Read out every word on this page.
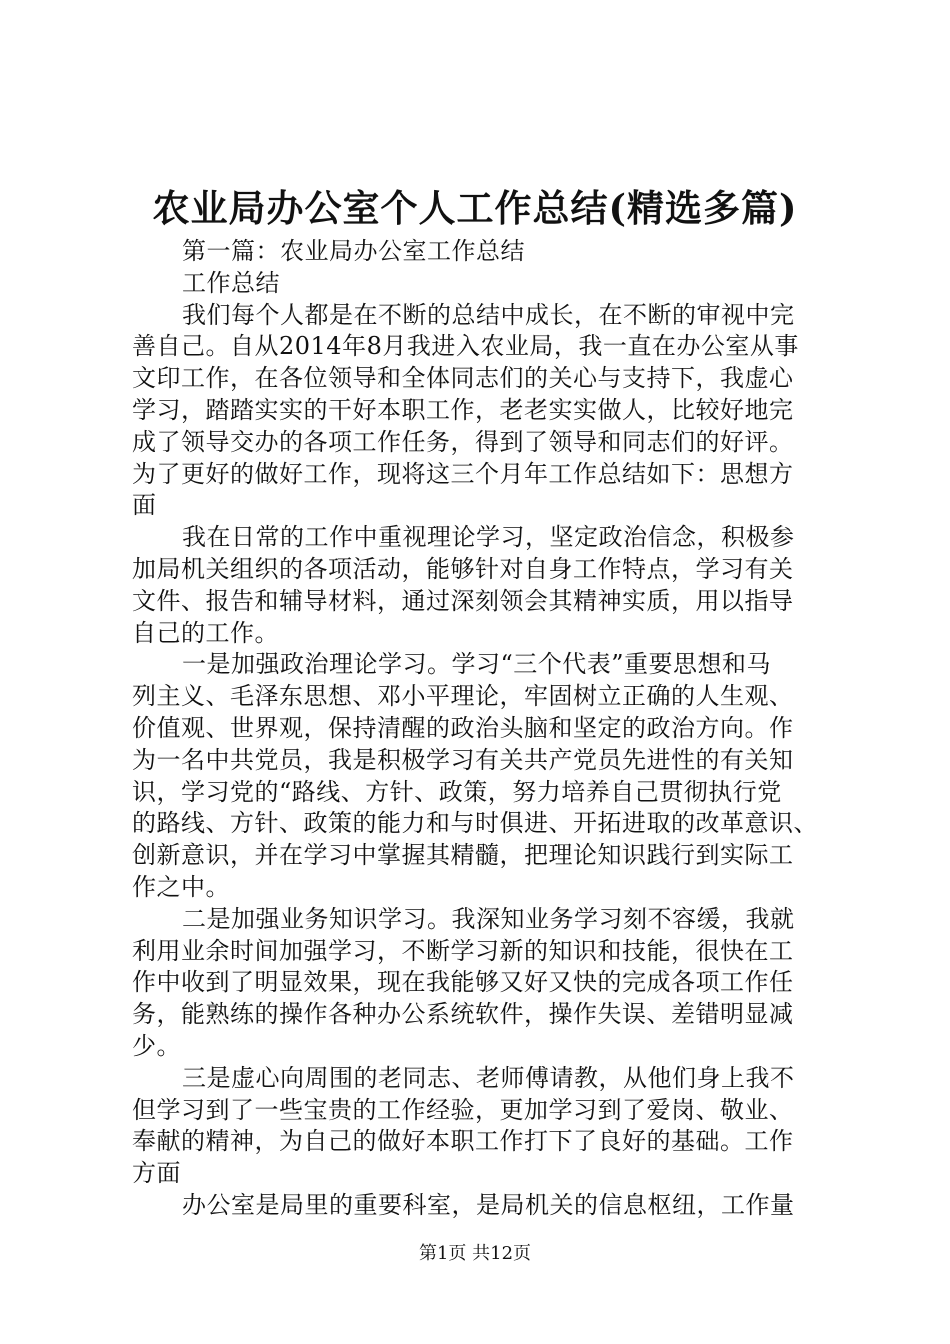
农业局办公室个人工作总结(精选多篇)
第一篇：农业局办公室工作总结
工作总结
我们每个人都是在不断的总结中成长，在不断的审视中完
善自己。自从2014年8月我进入农业局，我一直在办公室从事
文印工作，在各位领导和全体同志们的关心与支持下，我虚心
学习，踏踏实实的干好本职工作，老老实实做人，比较好地完
成了领导交办的各项工作任务，得到了领导和同志们的好评。
为了更好的做好工作，现将这三个月年工作总结如下：思想方
面
我在日常的工作中重视理论学习，坚定政治信念，积极参
加局机关组织的各项活动，能够针对自身工作特点，学习有关
文件、报告和辅导材料，通过深刻领会其精神实质，用以指导
自己的工作。
一是加强政治理论学习。学习“三个代表”重要思想和马
列主义、毛泽东思想、邓小平理论，牢固树立正确的人生观、
价值观、世界观，保持清醒的政治头脑和坚定的政治方向。作
为一名中共党员，我是积极学习有关共产党员先进性的有关知
识，学习党的“路线、方针、政策，努力培养自己贯彻执行党
的路线、方针、政策的能力和与时俱进、开拓进取的改革意识、
创新意识，并在学习中掌握其精髓，把理论知识践行到实际工
作之中。
二是加强业务知识学习。我深知业务学习刻不容缓，我就
利用业余时间加强学习，不断学习新的知识和技能，很快在工
作中收到了明显效果，现在我能够又好又快的完成各项工作任
务，能熟练的操作各种办公系统软件，操作失误、差错明显减
少。
三是虚心向周围的老同志、老师傅请教，从他们身上我不
但学习到了一些宝贵的工作经验，更加学习到了爱岗、敬业、
奉献的精神，为自己的做好本职工作打下了良好的基础。工作
方面
办公室是局里的重要科室，是局机关的信息枢纽，工作量
第1页 共12页
